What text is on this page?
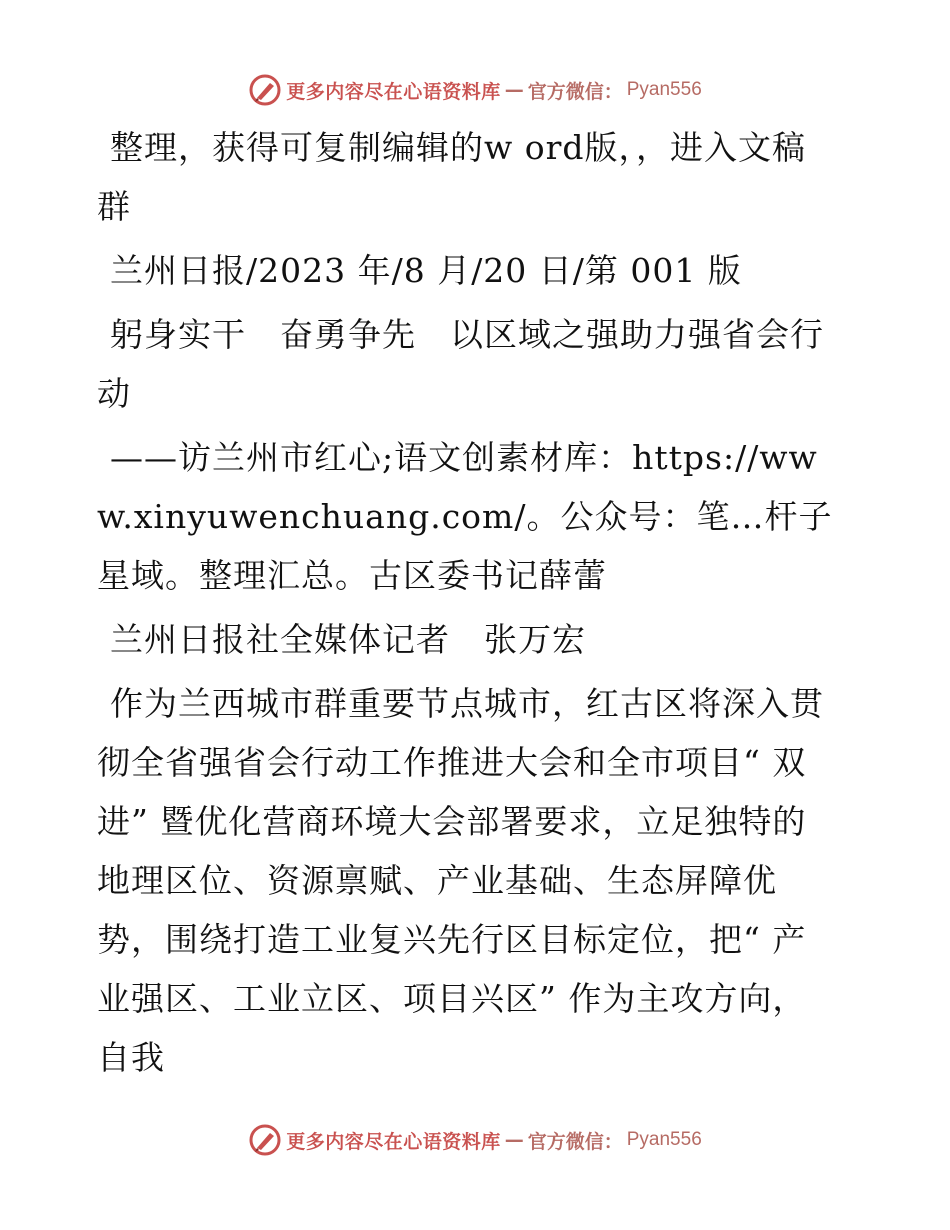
更多内容尽在心语资料库 — 官方微信： Pyan556

整理，获得可复制编辑的w ord版，，进入文稿群

兰州日报/2023 年/8 月/20 日/第 001 版

躬身实干　奋勇争先　以区域之强助力强省会行动

——访兰州市红心;语文创素材库：https://www.xinyuwenchuang.com/。公众号：笔…杆子星域。整理汇总。古区委书记薛蕾

兰州日报社全媒体记者　张万宏

作为兰西城市群重要节点城市，红古区将深入贯彻全省强省会行动工作推进大会和全市项目“ 双进” 暨优化营商环境大会部署要求，立足独特的地理区位、资源禀赋、产业基础、生态屏障优势，围绕打造工业复兴先行区目标定位，把“ 产业强区、工业立区、项目兴区” 作为主攻方向，自我

更多内容尽在心语资料库 — 官方微信： Pyan556
